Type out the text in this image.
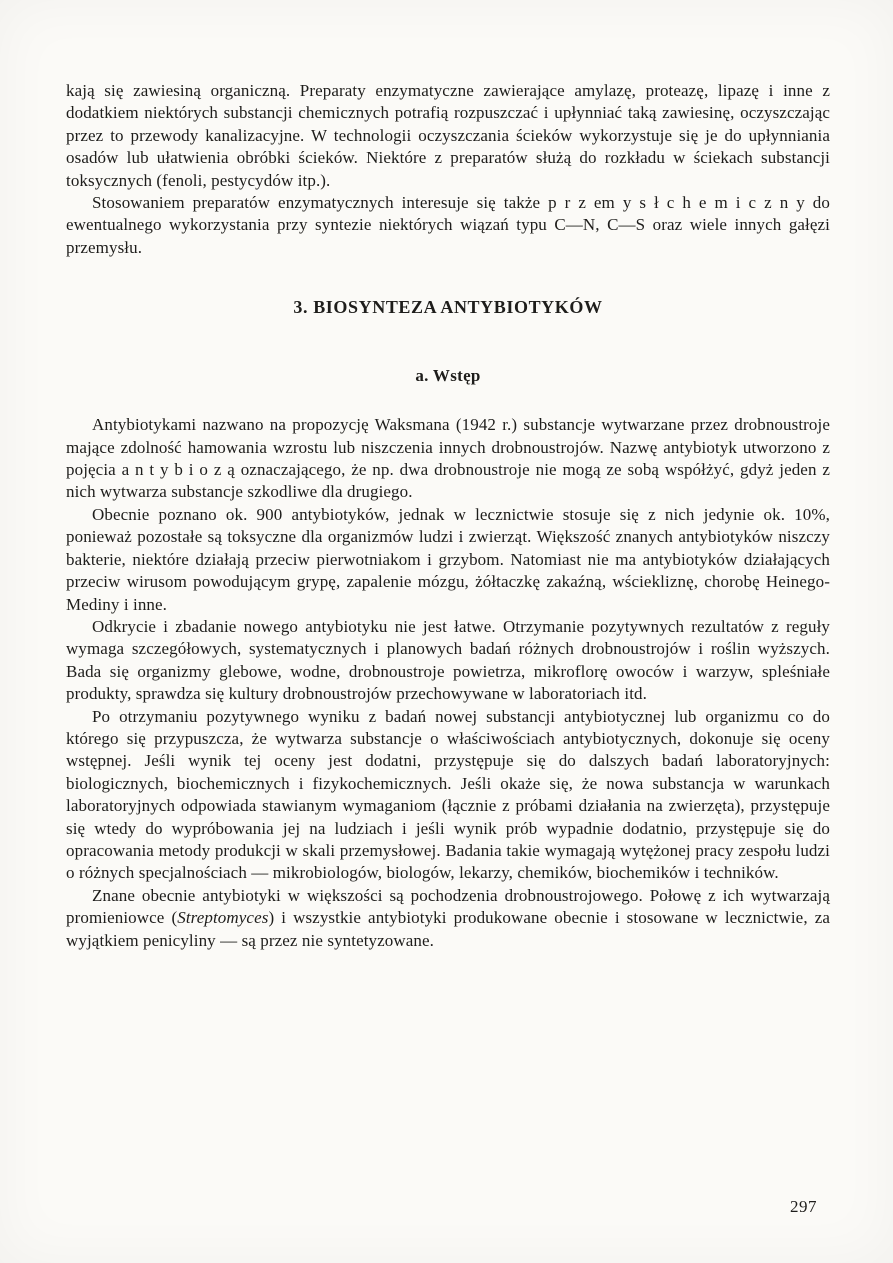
kają się zawiesiną organiczną. Preparaty enzymatyczne zawierające amylazę, proteazę, lipazę i inne z dodatkiem niektórych substancji chemicznych potrafią rozpuszczać i upłynniać taką zawiesinę, oczyszczając przez to przewody kanalizacyjne. W technologii oczyszczania ścieków wykorzystuje się je do upłynniania osadów lub ułatwienia obróbki ścieków. Niektóre z preparatów służą do rozkładu w ściekach substancji toksycznych (fenoli, pestycydów itp.).

Stosowaniem preparatów enzymatycznych interesuje się także p r z em y s ł c h e m i c z n y do ewentualnego wykorzystania przy syntezie niektórych wiązań typu C—N, C—S oraz wiele innych gałęzi przemysłu.

3. BIOSYNTEZA ANTYBIOTYKÓW
a. Wstęp

Antybiotykami nazwano na propozycję Waksmana (1942 r.) substancje wytwarzane przez drobnoustroje mające zdolność hamowania wzrostu lub niszczenia innych drobnoustrojów. Nazwę antybiotyk utworzono z pojęcia a n t y b i o z ą oznaczającego, że np. dwa drobnoustroje nie mogą ze sobą współżyć, gdyż jeden z nich wytwarza substancje szkodliwe dla drugiego.

Obecnie poznano ok. 900 antybiotyków, jednak w lecznictwie stosuje się z nich jedynie ok. 10%, ponieważ pozostałe są toksyczne dla organizmów ludzi i zwierząt. Większość znanych antybiotyków niszczy bakterie, niektóre działają przeciw pierwotniakom i grzybom. Natomiast nie ma antybiotyków działających przeciw wirusom powodującym grypę, zapalenie mózgu, żółtaczkę zakaźną, wściekliznę, chorobę Heinego-Mediny i inne.

Odkrycie i zbadanie nowego antybiotyku nie jest łatwe. Otrzymanie pozytywnych rezultatów z reguły wymaga szczegółowych, systematycznych i planowych badań różnych drobnoustrojów i roślin wyższych. Bada się organizmy glebowe, wodne, drobnoustroje powietrza, mikroflorę owoców i warzyw, spleśniałe produkty, sprawdza się kultury drobnoustrojów przechowywane w laboratoriach itd.

Po otrzymaniu pozytywnego wyniku z badań nowej substancji antybiotycznej lub organizmu co do którego się przypuszcza, że wytwarza substancje o właściwościach antybiotycznych, dokonuje się oceny wstępnej. Jeśli wynik tej oceny jest dodatni, przystępuje się do dalszych badań laboratoryjnych: biologicznych, biochemicznych i fizykochemicznych. Jeśli okaże się, że nowa substancja w warunkach laboratoryjnych odpowiada stawianym wymaganiom (łącznie z próbami działania na zwierzęta), przystępuje się wtedy do wypróbowania jej na ludziach i jeśli wynik prób wypadnie dodatnio, przystępuje się do opracowania metody produkcji w skali przemysłowej. Badania takie wymagają wytężonej pracy zespołu ludzi o różnych specjalnościach — mikrobiologów, biologów, lekarzy, chemików, biochemików i techników.

Znane obecnie antybiotyki w większości są pochodzenia drobnoustrojowego. Połowę z ich wytwarzają promieniowce (Streptomyces) i wszystkie antybiotyki produkowane obecnie i stosowane w lecznictwie, za wyjątkiem penicyliny — są przez nie syntetyzowane.

297
